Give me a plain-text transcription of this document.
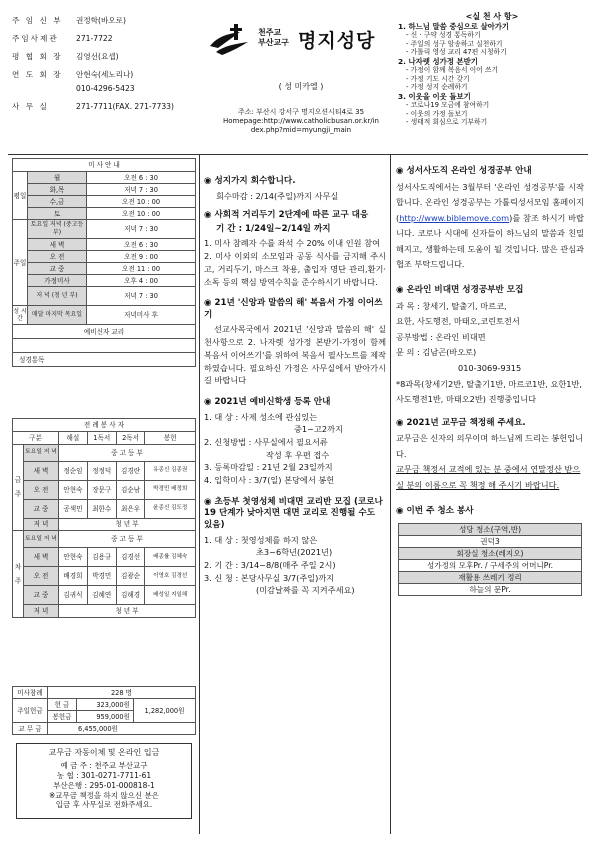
주 임 신 부	권정학(바오로)
주임사제관	271-7722
평 협 회 장	김영선(요셉)
연 도 회 장	안현숙(세노리나)
010-4296-5423
사 무 실	271-7711(FAX. 271-7733)
천주교
부산교구 명지성당
( 성 미카엘 )
주소: 부산시 강서구 명지오션시티4로 35
Homepage:http://www.catholicbusan.or.kr/in
dex.php?mid=myungji_main
<실 천 사 항>
1. 하느님 말씀 중심으로 살아가기
- 신 · 구약 성경 통독하기
- 주일의 성구 암송하고 실천하기
- 가톨릭 영성 교리 47편 시청하기
2. 나자렛 성가정 본받기
- 가정이 함께 복음서 이어 쓰기
- 가정 기도 시간 갖기
- 가정 성지 순례하기
3. 이웃을 이웃 돌보기
- 코로나19 모금에 참여하기
- 이웃의 가정 돌보기
- 생태적 회심으로 기부하기
미 사 안 내		
평일	월	오전 6 : 30
	화,목	저녁 7 : 30
	수,금	오전 10 : 00
	토	오전 10 : 00
주일	토요일 저녁 (중고등부)	저녁 7 : 30
	새 벽	오전 6 : 30
	오 전	오전 9 : 00
	교 중	오전 11 : 00
	가정미사	오후 4 : 00
	저 녁 (청 년 부)	저녁 7 : 30
성 시간	매달 마지막 목요일	저녁미사 후
예비신자 교리		

성경통독		
전 례 봉 사 자					
구분		해설	1독서	2독서	봉헌
금 주	토요일 저 녁	중 고 등 부			
	새 벽	정순임	정정덕	김경란	유종신 김종권
	오 전	안현숙	장문구	김순남	박경민 배정희
	교 중	공색민	최한수	최은우	윤종신 김도정
	저 녁	청 년 부			
차 주	토요일 저 녁	중 고 등 부			
	새 벽	안현숙	김용규	김경선	배종률 김혜숙
	오 전	배경희	박경민	김광순	이영호 김경선
	교 중	김귀식	김혜연	김해경	배성일 지일해
	저 녁	청 년 부			
미사참례	228 명		
주일헌금	헌 금	323,000원	1,282,000원
	봉헌금	959,000원	
교 무 금	6,455,000원		
교무금 자동이체 및 온라인 입금
예 금 주 : 천주교 부산교구
농 협 : 301-0271-7711-61
부산은행 : 295-01-000818-1
※교무금 책정을 하지 않으신 분은
입금 후 사무실로 전화주세요.
◉ 성지가지 회수합니다.
회수마감 : 2/14(주일)까지 사무실
◉ 사회적 거리두기 2단계에 따른 교구 대응
기 간 : 1/24일~2/14일 까지
1. 미사 참례자 수를 좌석 수 20% 이내 인원 참여
2. 미사 이외의 소모임과 공동 식사를 금지해 주시고, 거리두기, 마스크 착용, 출입자 명단 관리,환기·소독 등의 핵심 방역수칙을 준수하시기 바랍니다.
◉ 21년 '신앙과 말씀의 해' 복음서 가정 이어쓰기
선교사목국에서 2021년 '신앙과 말씀의 해' 실천사항으로 2. 나자렛 성가정 본받기-가정이 함께 복음서 이어쓰기'를 위하여 복음서 필사노트를 제작하였습니다. 필요하신 가정은 사무실에서 받아가시길 바랍니다
◉ 2021년 예비신학생 등록 안내
1. 대 상 : 사제 성소에 관심있는
중1~고2까지
2. 신청방법 : 사무실에서 필요서류
작성 후 우편 접수
3. 등록마감일 : 21년 2월 23일까지
4. 입학미사 : 3/7(일) 본당에서 봉헌
◉ 초등부 첫영성체 비대면 교리반 모집 (코로나19 단계가 낮아지면 대면 교리로 진행될 수도 있음)
1. 대 상 : 첫영성체를 하지 않은
초3~6학년(2021년)
2. 기 간 : 3/14~8/8(매주 주일 2시)
3. 신 청 : 본당사무실 3/7(주일)까지
(미감날짜를 꼭 지켜주세요)
◉ 성서사도직 온라인 성경공부 안내
성서사도직에서는 3월부터 '온라인 성경공부'를 시작합니다. 온라인 성경공부는 가톨릭성서모임 홈페이지(http://www.biblemove.com)를 참조 하시기 바랍니다. 코로나 시대에 신자들이 하느님의 말씀과 친밀해지고, 생활하는데 도움이 될 것입니다. 많은 관심과 협조 부탁드립니다.
◉ 온라인 비대면 성경공부반 모집
과 목 : 창세기, 탈출기, 마르코,
요한, 사도행전, 마태오,코린토전서
공부방법 : 온라인 비대면
문 의 : 김남곤(바오로)
010-3069-9315
*8과목(창세기2반, 탈출기1반, 마르코1반, 요한1반, 사도행전1반, 마태오2반) 진행중입니다
◉ 2021년 교무금 책정해 주세요.
교무금은 신자의 의무이며 하느님께 드리는 봉헌입니다.
교무금 책정서 교적에 있는 분 중에서 연말정산 받으실 분의 이름으로 꼭 책정 해 주시기 바랍니다.
◉ 이번 주 청소 봉사
성당 청소(구역,반)
권덕3
회장실 청소(레지오)
성가정의 모후Pr. / 구세주의 어머니Pr.
재활용 쓰레기 정리
하늘의 문Pr.
